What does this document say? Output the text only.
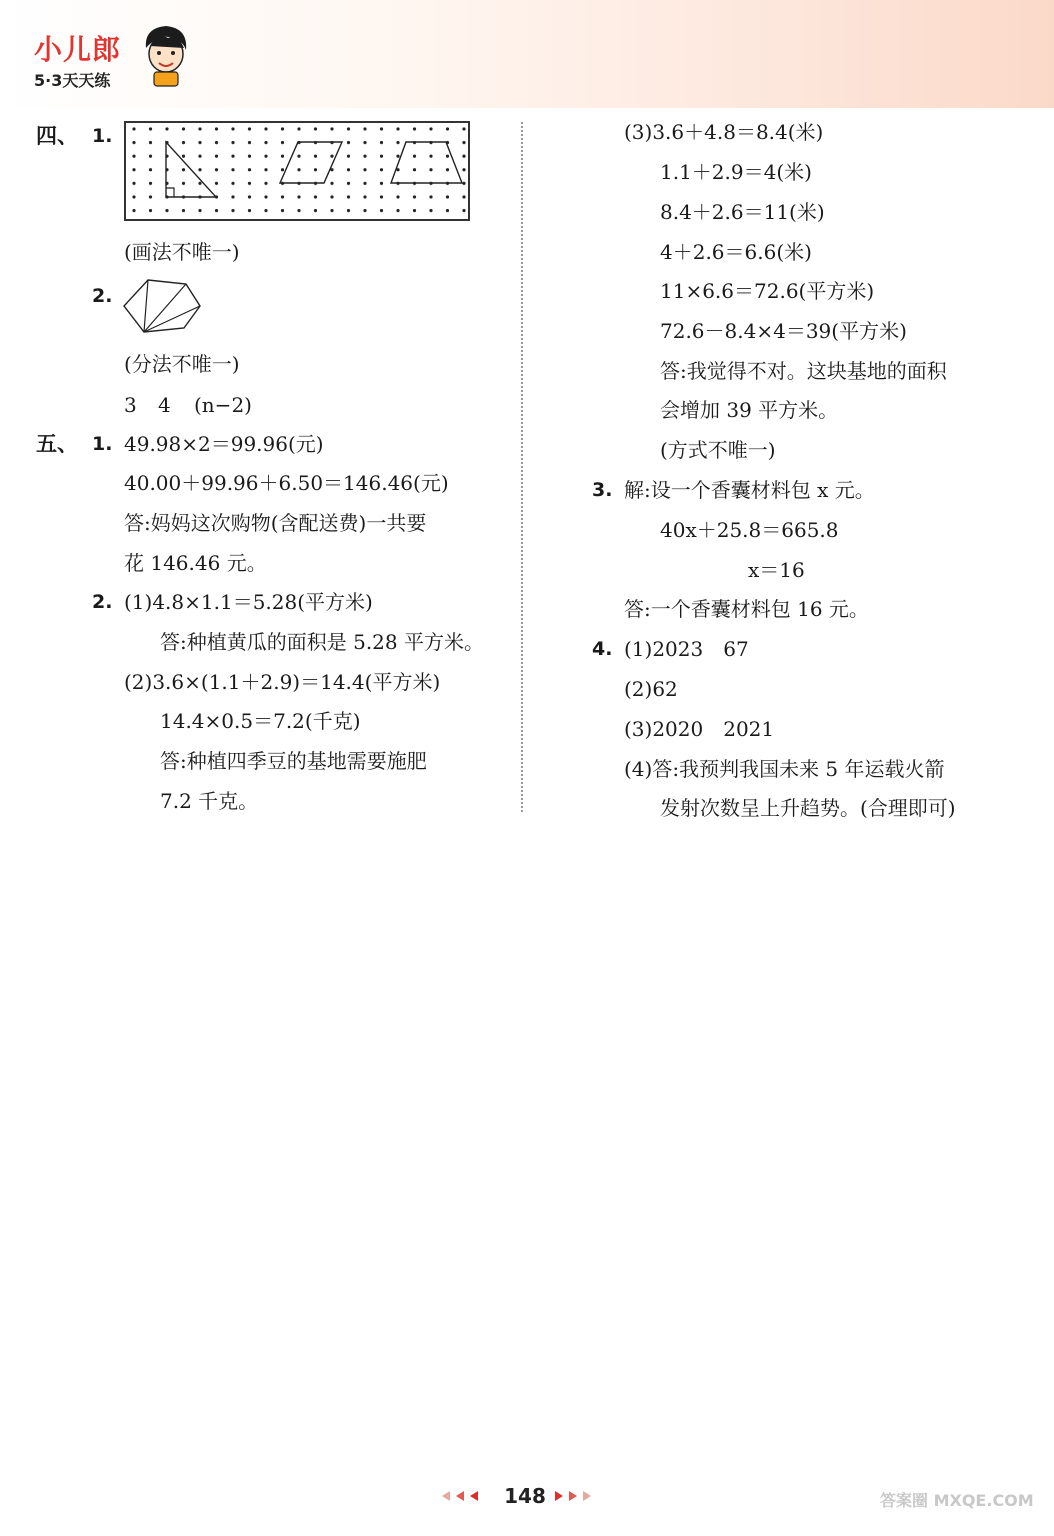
小儿郎
5·3天天练
四、 1.
(画法不唯一)
2.
(分法不唯一)
3 4 (n−2)
五、 1. 49.98×2＝99.96(元)
40.00＋99.96＋6.50＝146.46(元)
答:妈妈这次购物(含配送费)一共要
花 146.46 元。
2. (1)4.8×1.1＝5.28(平方米)
答:种植黄瓜的面积是 5.28 平方米。
(2)3.6×(1.1＋2.9)＝14.4(平方米)
14.4×0.5＝7.2(千克)
答:种植四季豆的基地需要施肥
7.2 千克。
(3)3.6＋4.8＝8.4(米)
1.1＋2.9＝4(米)
8.4＋2.6＝11(米)
4＋2.6＝6.6(米)
11×6.6＝72.6(平方米)
72.6－8.4×4＝39(平方米)
答:我觉得不对。这块基地的面积
会增加 39 平方米。
(方式不唯一)
3. 解:设一个香囊材料包 x 元。
40x＋25.8＝665.8
x＝16
答:一个香囊材料包 16 元。
4. (1)2023　67
(2)62
(3)2020　2021
(4)答:我预判我国未来 5 年运载火箭
发射次数呈上升趋势。(合理即可)
148	答案圈 MXQE.COM
